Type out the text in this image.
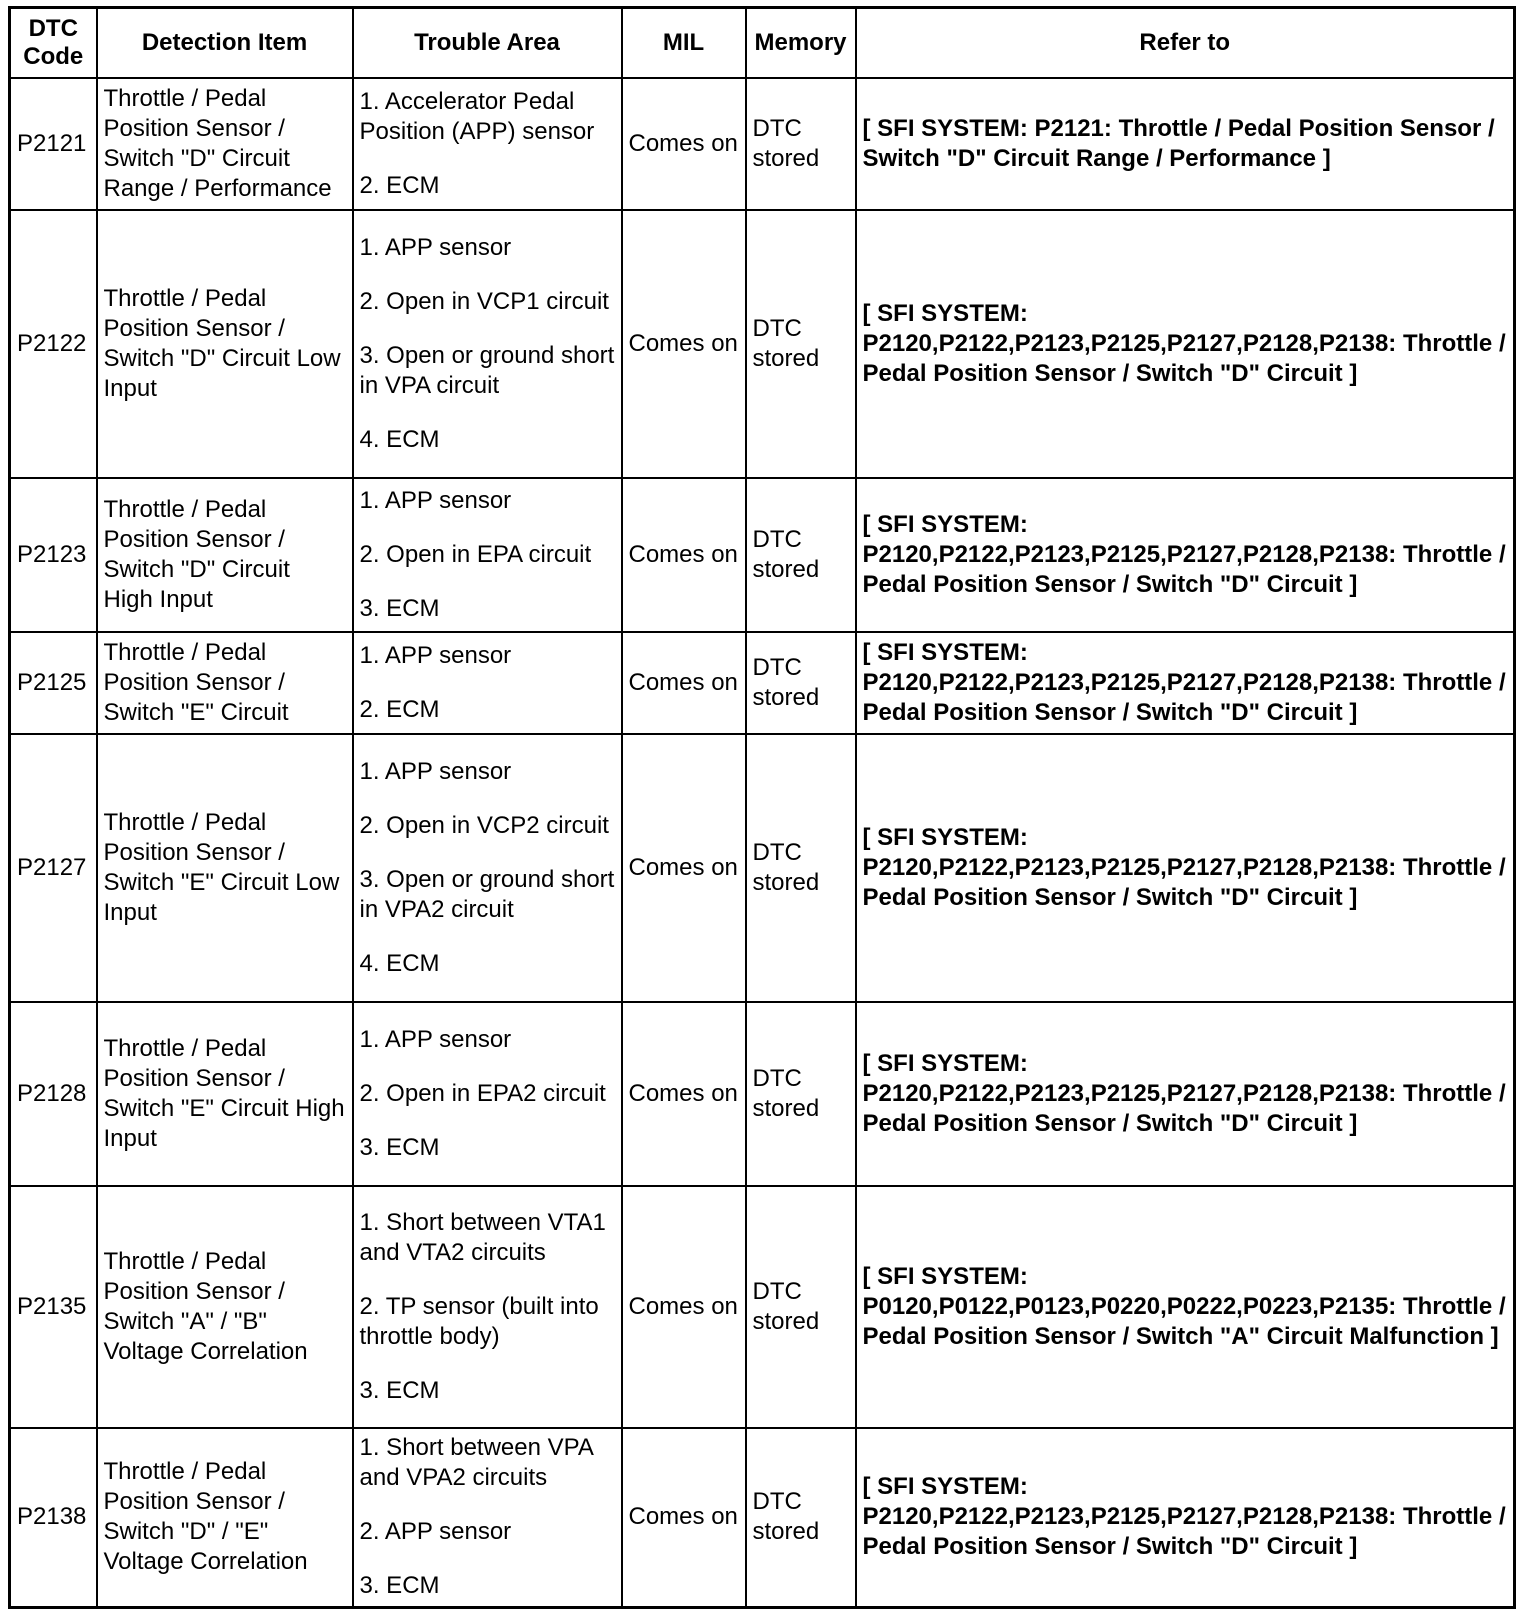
DTC Code	Detection Item	Trouble Area	MIL	Memory	Refer to
P2121	Throttle / Pedal Position Sensor / Switch "D" Circuit Range / Performance	1. Accelerator Pedal Position (APP) sensor
2. ECM	Comes on	DTC stored	[ SFI SYSTEM: P2121: Throttle / Pedal Position Sensor / Switch "D" Circuit Range / Performance ]
P2122	Throttle / Pedal Position Sensor / Switch "D" Circuit Low Input	1. APP sensor
2. Open in VCP1 circuit
3. Open or ground short in VPA circuit
4. ECM	Comes on	DTC stored	[ SFI SYSTEM: P2120,P2122,P2123,P2125,P2127,P2128,P2138: Throttle / Pedal Position Sensor / Switch "D" Circuit ]
P2123	Throttle / Pedal Position Sensor / Switch "D" Circuit High Input	1. APP sensor
2. Open in EPA circuit
3. ECM	Comes on	DTC stored	[ SFI SYSTEM: P2120,P2122,P2123,P2125,P2127,P2128,P2138: Throttle / Pedal Position Sensor / Switch "D" Circuit ]
P2125	Throttle / Pedal Position Sensor / Switch "E" Circuit	1. APP sensor
2. ECM	Comes on	DTC stored	[ SFI SYSTEM: P2120,P2122,P2123,P2125,P2127,P2128,P2138: Throttle / Pedal Position Sensor / Switch "D" Circuit ]
P2127	Throttle / Pedal Position Sensor / Switch "E" Circuit Low Input	1. APP sensor
2. Open in VCP2 circuit
3. Open or ground short in VPA2 circuit
4. ECM	Comes on	DTC stored	[ SFI SYSTEM: P2120,P2122,P2123,P2125,P2127,P2128,P2138: Throttle / Pedal Position Sensor / Switch "D" Circuit ]
P2128	Throttle / Pedal Position Sensor / Switch "E" Circuit High Input	1. APP sensor
2. Open in EPA2 circuit
3. ECM	Comes on	DTC stored	[ SFI SYSTEM: P2120,P2122,P2123,P2125,P2127,P2128,P2138: Throttle / Pedal Position Sensor / Switch "D" Circuit ]
P2135	Throttle / Pedal Position Sensor / Switch "A" / "B" Voltage Correlation	1. Short between VTA1 and VTA2 circuits
2. TP sensor (built into throttle body)
3. ECM	Comes on	DTC stored	[ SFI SYSTEM: P0120,P0122,P0123,P0220,P0222,P0223,P2135: Throttle / Pedal Position Sensor / Switch "A" Circuit Malfunction ]
P2138	Throttle / Pedal Position Sensor / Switch "D" / "E" Voltage Correlation	1. Short between VPA and VPA2 circuits
2. APP sensor
3. ECM	Comes on	DTC stored	[ SFI SYSTEM: P2120,P2122,P2123,P2125,P2127,P2128,P2138: Throttle / Pedal Position Sensor / Switch "D" Circuit ]
